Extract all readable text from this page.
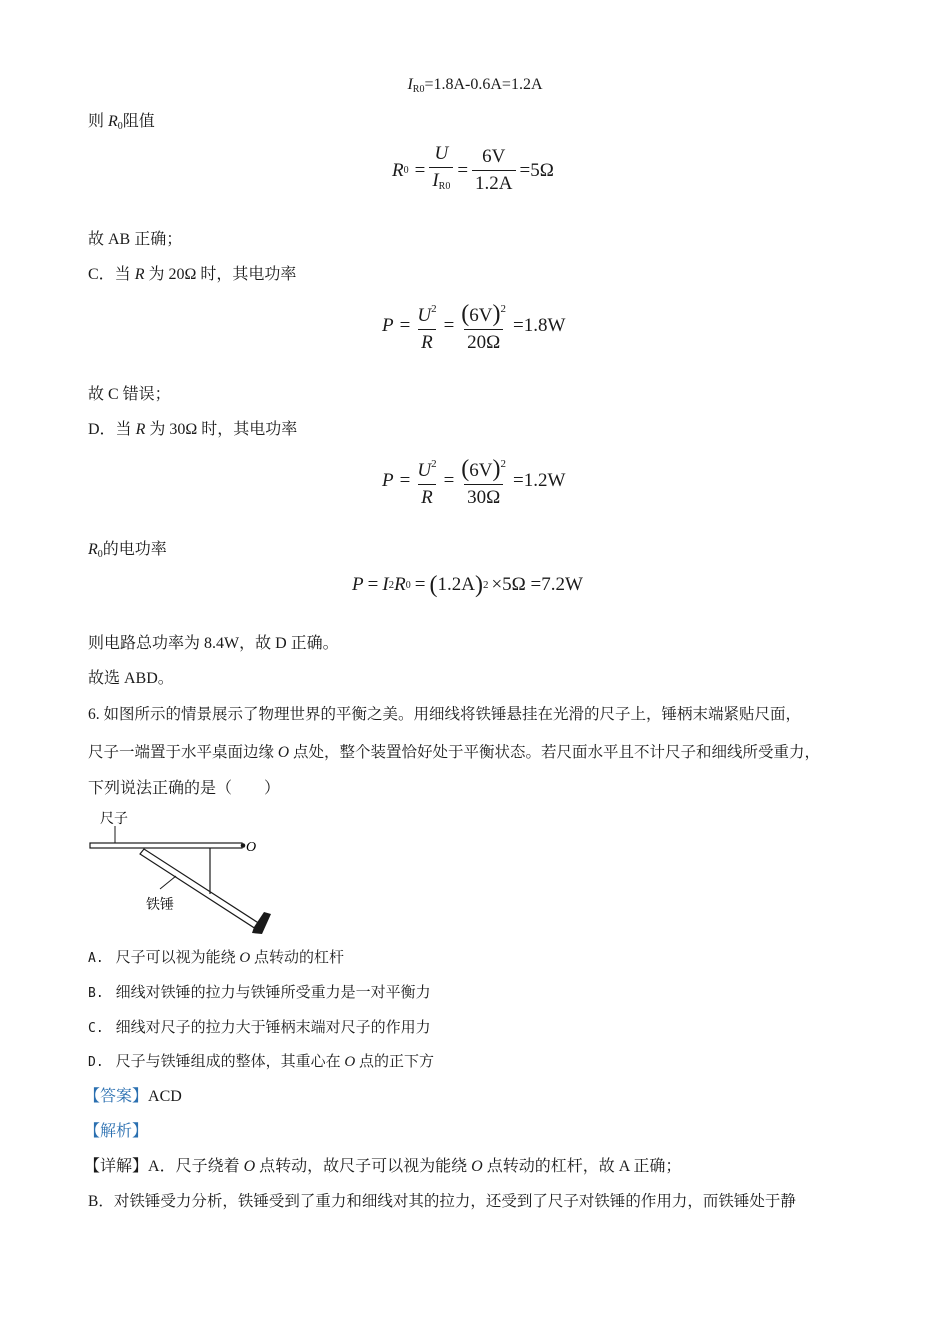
$I_{R0}=1.8A-0.6A=1.2A$
则 $R_0$阻值
R $0 = \frac{U}{I_{R0}} = \frac{6V}{1.2A} =5\Omega$
故 AB 正确；
C．当 R 为 20Ω 时，其电功率
$P = \frac{U^2}{R} = \frac{(6V)^2}{20\Omega} =1.8W$
故 C 错误；
D．当 R 为 30Ω 时，其电功率
$P = \frac{U^2}{R} = \frac{(6V)^2}{30\Omega} =1.2W$
$R_0$的电功率
P = I 2 R 0 = ( 1.2A ) 2 ×5Ω =7.2W
则电路总功率为 8.4W，故 D 正确。
故选 ABD。
6. 如图所示的情景展示了物理世界的平衡之美。用细线将铁锤悬挂在光滑的尺子上，锤柄末端紧贴尺面，
尺子一端置于水平桌面边缘 O 点处，整个装置恰好处于平衡状态。若尺面水平且不计尺子和细线所受重力，
下列说法正确的是（　　）
尺子
铁锤
O
A. 尺子可以视为能绕 O 点转动的杠杆
B. 细线对铁锤的拉力与铁锤所受重力是一对平衡力
C. 细线对尺子的拉力大于锤柄末端对尺子的作用力
D. 尺子与铁锤组成的整体，其重心在 O 点的正下方
【答案】ACD
【解析】
【详解】A．尺子绕着 O 点转动，故尺子可以视为能绕 O 点转动的杠杆，故 A 正确；
B．对铁锤受力分析，铁锤受到了重力和细线对其的拉力，还受到了尺子对铁锤的作用力，而铁锤处于静
